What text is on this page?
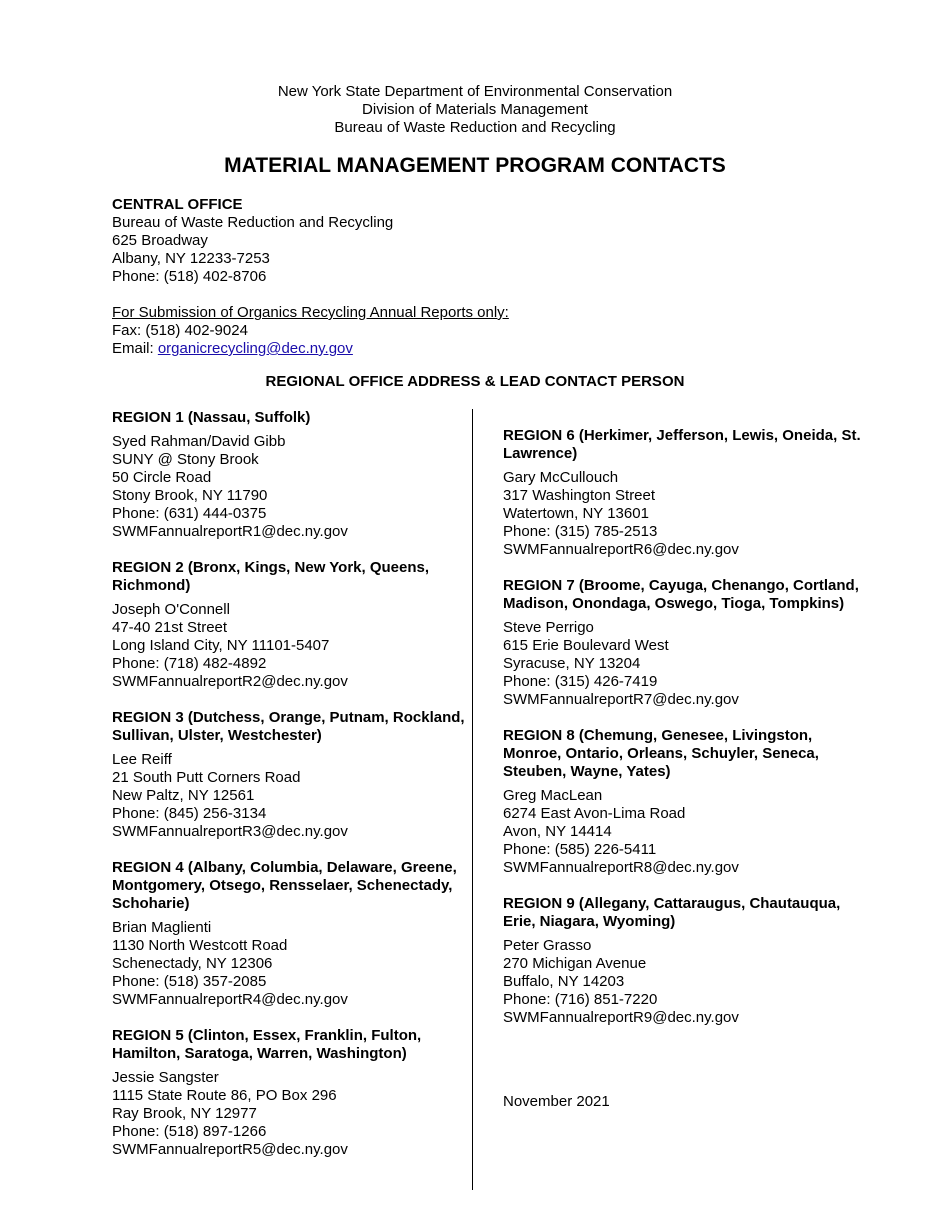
New York State Department of Environmental Conservation
Division of Materials Management
Bureau of Waste Reduction and Recycling
MATERIAL MANAGEMENT PROGRAM CONTACTS
CENTRAL OFFICE
Bureau of Waste Reduction and Recycling
625 Broadway
Albany, NY 12233-7253
Phone: (518) 402-8706
For Submission of Organics Recycling Annual Reports only:
Fax: (518) 402-9024
Email: organicrecycling@dec.ny.gov
REGIONAL OFFICE ADDRESS & LEAD CONTACT PERSON
REGION 1 (Nassau, Suffolk)
Syed Rahman/David Gibb
SUNY @ Stony Brook
50 Circle Road
Stony Brook, NY 11790
Phone: (631) 444-0375
SWMFannualreportR1@dec.ny.gov
REGION 2 (Bronx, Kings, New York, Queens, Richmond)
Joseph O'Connell
47-40 21st Street
Long Island City, NY 11101-5407
Phone: (718) 482-4892
SWMFannualreportR2@dec.ny.gov
REGION 3 (Dutchess, Orange, Putnam, Rockland, Sullivan, Ulster, Westchester)
Lee Reiff
21 South Putt Corners Road
New Paltz, NY 12561
Phone: (845) 256-3134
SWMFannualreportR3@dec.ny.gov
REGION 4 (Albany, Columbia, Delaware, Greene, Montgomery, Otsego, Rensselaer, Schenectady,
Schoharie)
Brian Maglienti
1130 North Westcott Road
Schenectady, NY 12306
Phone: (518) 357-2085
SWMFannualreportR4@dec.ny.gov
REGION 5 (Clinton, Essex, Franklin, Fulton, Hamilton, Saratoga, Warren, Washington)
Jessie Sangster
1115 State Route 86, PO Box 296
Ray Brook, NY 12977
Phone: (518) 897-1266
SWMFannualreportR5@dec.ny.gov
REGION 6 (Herkimer, Jefferson, Lewis, Oneida, St. Lawrence)
Gary McCullouch
317 Washington Street
Watertown, NY 13601
Phone: (315) 785-2513
SWMFannualreportR6@dec.ny.gov
REGION 7 (Broome, Cayuga, Chenango, Cortland, Madison, Onondaga, Oswego, Tioga, Tompkins)
Steve Perrigo
615 Erie Boulevard West
Syracuse, NY 13204
Phone: (315) 426-7419
SWMFannualreportR7@dec.ny.gov
REGION 8 (Chemung, Genesee, Livingston, Monroe, Ontario, Orleans, Schuyler, Seneca, Steuben, Wayne, Yates)
Greg MacLean
6274 East Avon-Lima Road
Avon, NY 14414
Phone: (585) 226-5411
SWMFannualreportR8@dec.ny.gov
REGION 9 (Allegany, Cattaraugus, Chautauqua, Erie, Niagara, Wyoming)
Peter Grasso
270 Michigan Avenue
Buffalo, NY 14203
Phone: (716) 851-7220
SWMFannualreportR9@dec.ny.gov
November 2021
